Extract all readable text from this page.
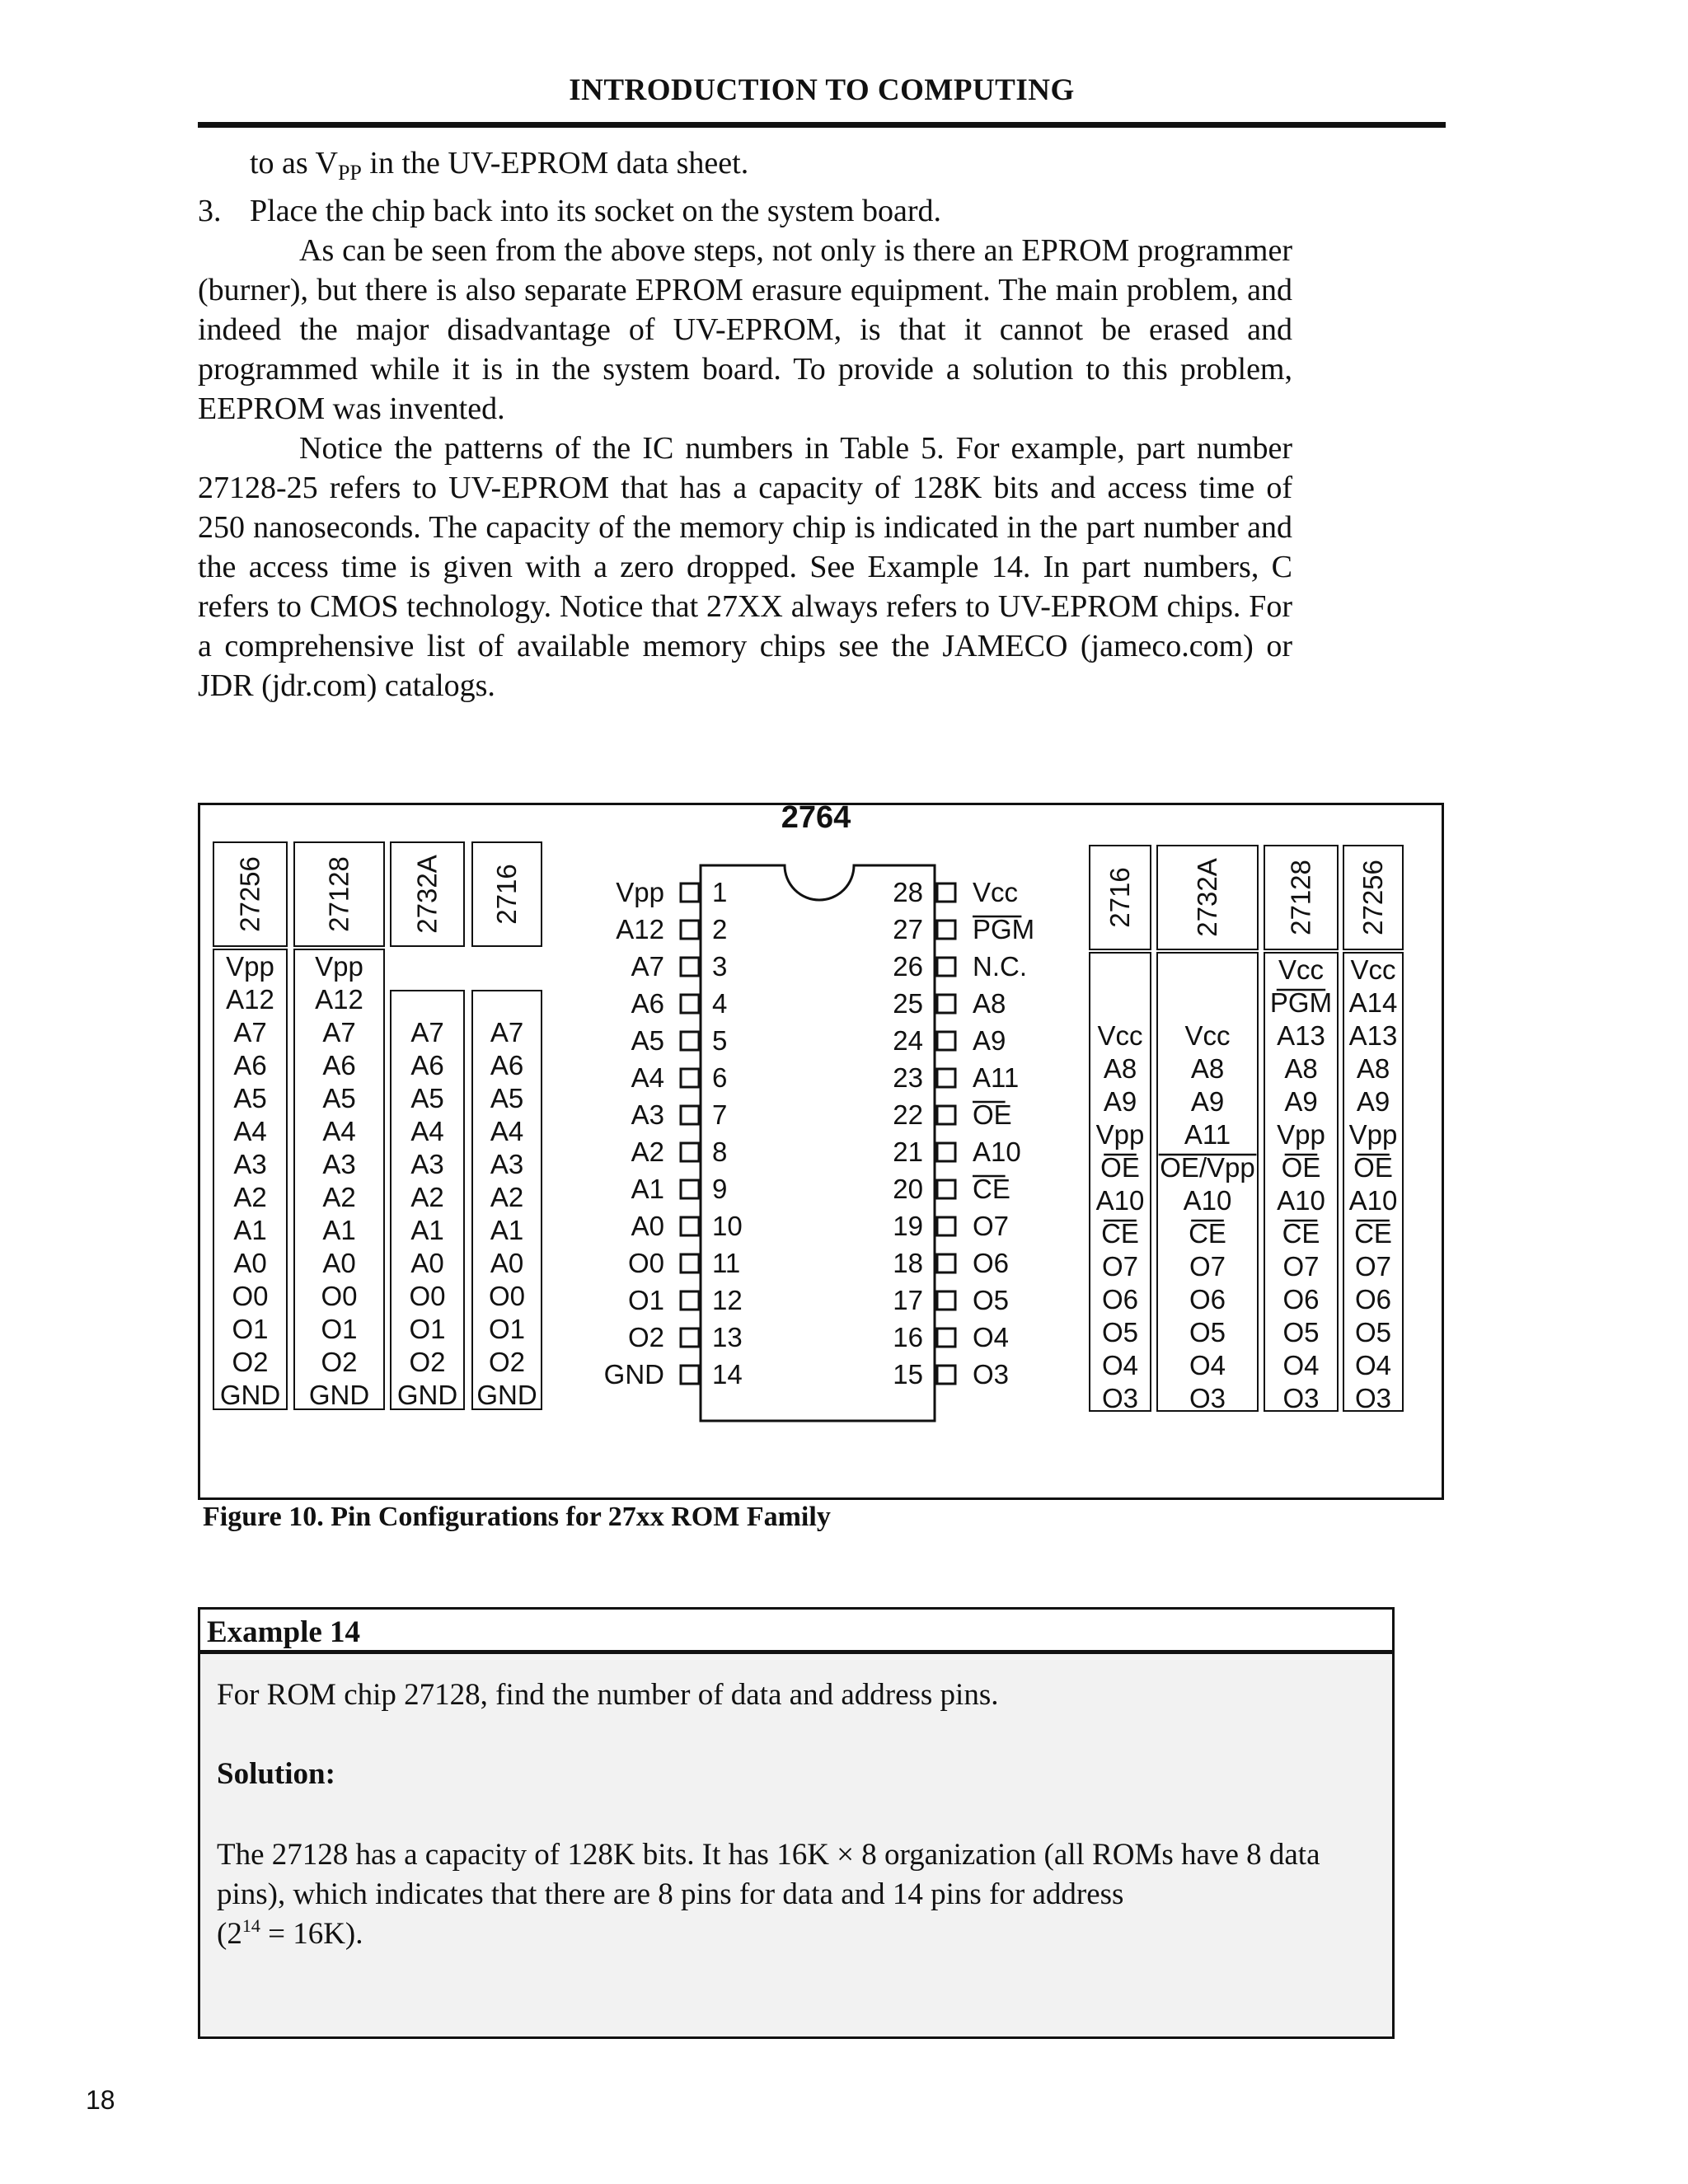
INTRODUCTION TO COMPUTING

to as $V_{PP}$ in the UV-EPROM data sheet.

3. Place the chip back into its socket on the system board.

As can be seen from the above steps, not only is there an EPROM programmer (burner), but there is also separate EPROM erasure equipment. The main problem, and indeed the major disadvantage of UV-EPROM, is that it cannot be erased and programmed while it is in the system board. To provide a solution to this problem, EEPROM was invented.

Notice the patterns of the IC numbers in Table 5. For example, part number 27128-25 refers to UV-EPROM that has a capacity of 128K bits and access time of 250 nanoseconds. The capacity of the memory chip is indicated in the part number and the access time is given with a zero dropped. See Example 14. In part numbers, C refers to CMOS technology. Notice that 27XX always refers to UV-EPROM chips. For a comprehensive list of available memory chips see the JAMECO (jameco.com) or JDR (jdr.com) catalogs.

2764
1
Vpp
2
A12
3
A7
4
A6
5
A5
6
A4
7
A3
8
A2
9
A1
10
A0
11
O0
12
O1
13
O2
14
GND
28 Vcc
27 PGM
26 N.C.
25 A8
24 A9
23 A11
22 OE
21 A10
20 CE
19 O7
18 O6
17 O5
16 O4
15 O3
27256
Vpp
A12
A7
A6
A5
A4
A3
A2
A1
A0
O0
O1
O2
GND
27128
Vpp
A12
A7
A6
A5
A4
A3
A2
A1
A0
O0
O1
O2
GND
2732A
A7
A6
A5
A4
A3
A2
A1
A0
O0
O1
O2
GND
2716
A7
A6
A5
A4
A3
A2
A1
A0
O0
O1
O2
GND
2716
Vcc
A8
A9
Vpp
OE
A10
CE
O7
O6
O5
O4
O3
2732A
Vcc
A8
A9
A11
OE/Vpp
A10
CE
O7
O6
O5
O4
O3
27128
Vcc
PGM
A13
A8
A9
Vpp
OE
A10
CE
O7
O6
O5
O4
O3
27256
Vcc
A14
A13
A8
A9
Vpp
OE
A10
CE
O7
O6
O5
O4
O3
Figure 10. Pin Configurations for 27xx ROM Family
Example 14

For ROM chip 27128, find the number of data and address pins.

Solution:

The 27128 has a capacity of 128K bits. It has 16K × 8 organization (all ROMs have 8 data pins), which indicates that there are 8 pins for data and 14 pins for address
$(2^{14} = 16K)$.

18
